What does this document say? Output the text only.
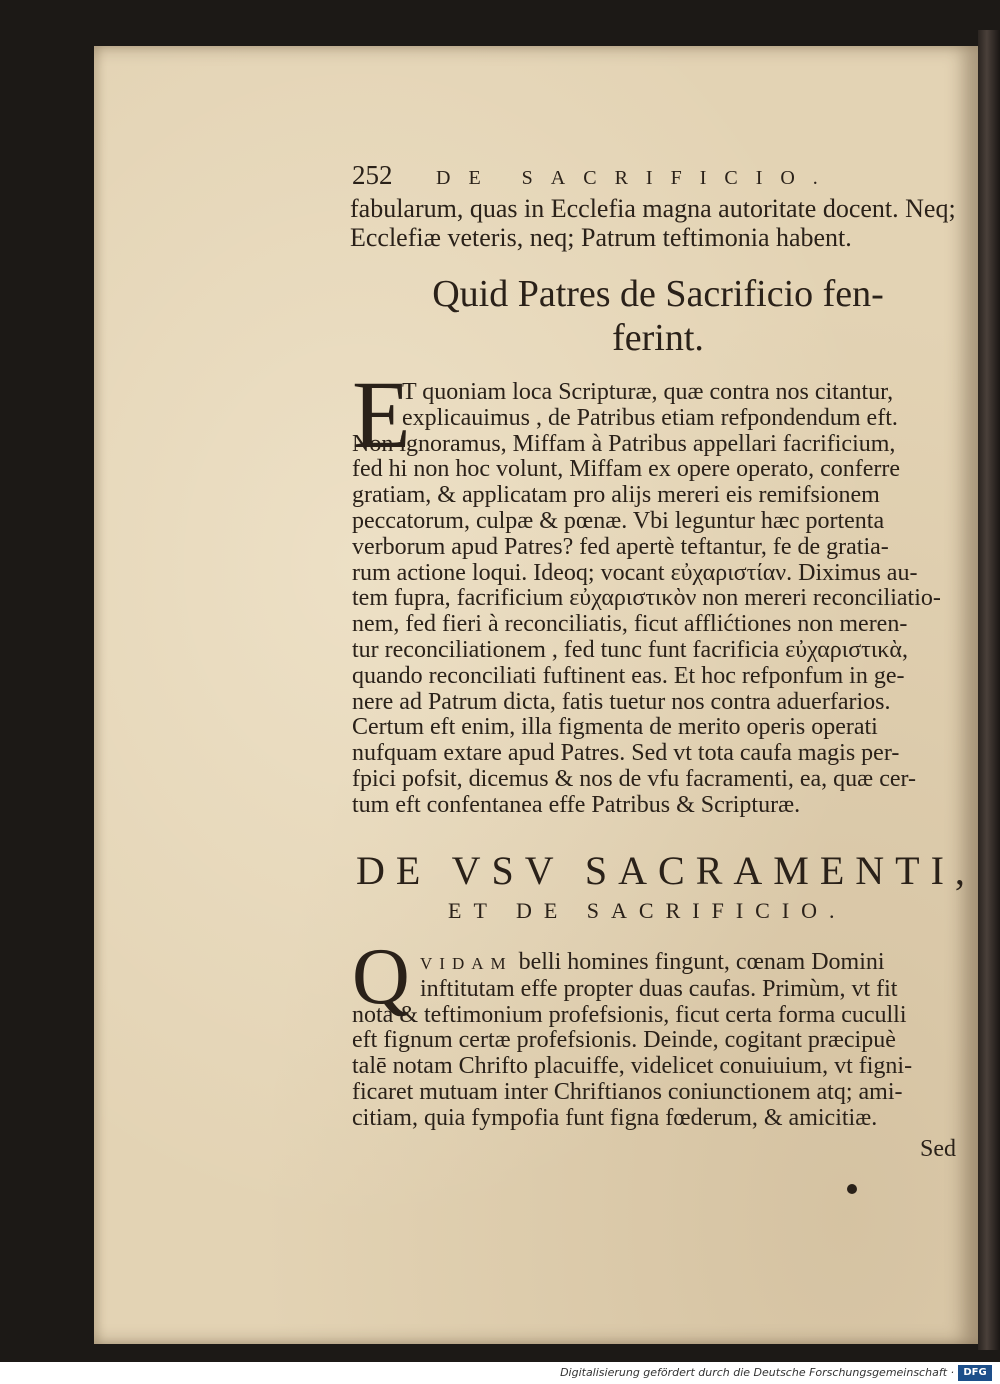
252 DE SACRIFICIO.
fabularum, quas in Ecclefia magna autoritate docent. Neq;
Ecclefiæ veteris, neq; Patrum teftimonia habent.
Quid Patres de Sacrificio fen-
ferint.
E
T quoniam loca Scripturæ, quæ contra nos citantur,
explicauimus , de Patribus etiam refpondendum eft.
Non ignoramus, Miffam à Patribus appellari facrificium,
fed hi non hoc volunt, Miffam ex opere operato, conferre
gratiam, & applicatam pro alijs mereri eis remifsionem
peccatorum, culpæ & pœnæ. Vbi leguntur hæc portenta
verborum apud Patres? fed apertè teftantur, fe de gratia-
rum actione loqui. Ideoq; vocant εὐχαριστίαν. Diximus au-
tem fupra, facrificium εὐχαριστικὸν non mereri reconciliatio-
nem, fed fieri à reconciliatis, ficut afflićtiones non meren-
tur reconciliationem , fed tunc funt facrificia εὐχαριστικὰ,
quando reconciliati fuftinent eas. Et hoc refponfum in ge-
nere ad Patrum dicta, fatis tuetur nos contra aduerfarios.
Certum eft enim, illa figmenta de merito operis operati
nufquam extare apud Patres. Sed vt tota caufa magis per-
fpici pofsit, dicemus & nos de vfu facramenti, ea, quæ cer-
tum eft confentanea effe Patribus & Scripturæ.
DE VSV SACRAMENTI,
ET DE SACRIFICIO.
Q VIDAM belli homines fingunt, cœnam Domini
inftitutam effe propter duas caufas. Primùm, vt fit
nota & teftimonium profefsionis, ficut certa forma cuculli
eft fignum certæ profefsionis. Deinde, cogitant præcipuè
talē notam Chrifto placuiffe, videlicet conuiuium, vt figni-
ficaret mutuam inter Chriftianos coniunctionem atq; ami-
citiam, quia fympofia funt figna fœderum, & amicitiæ.
Sed
Digitalisierung gefördert durch die Deutsche Forschungsgemeinschaft · DFG
